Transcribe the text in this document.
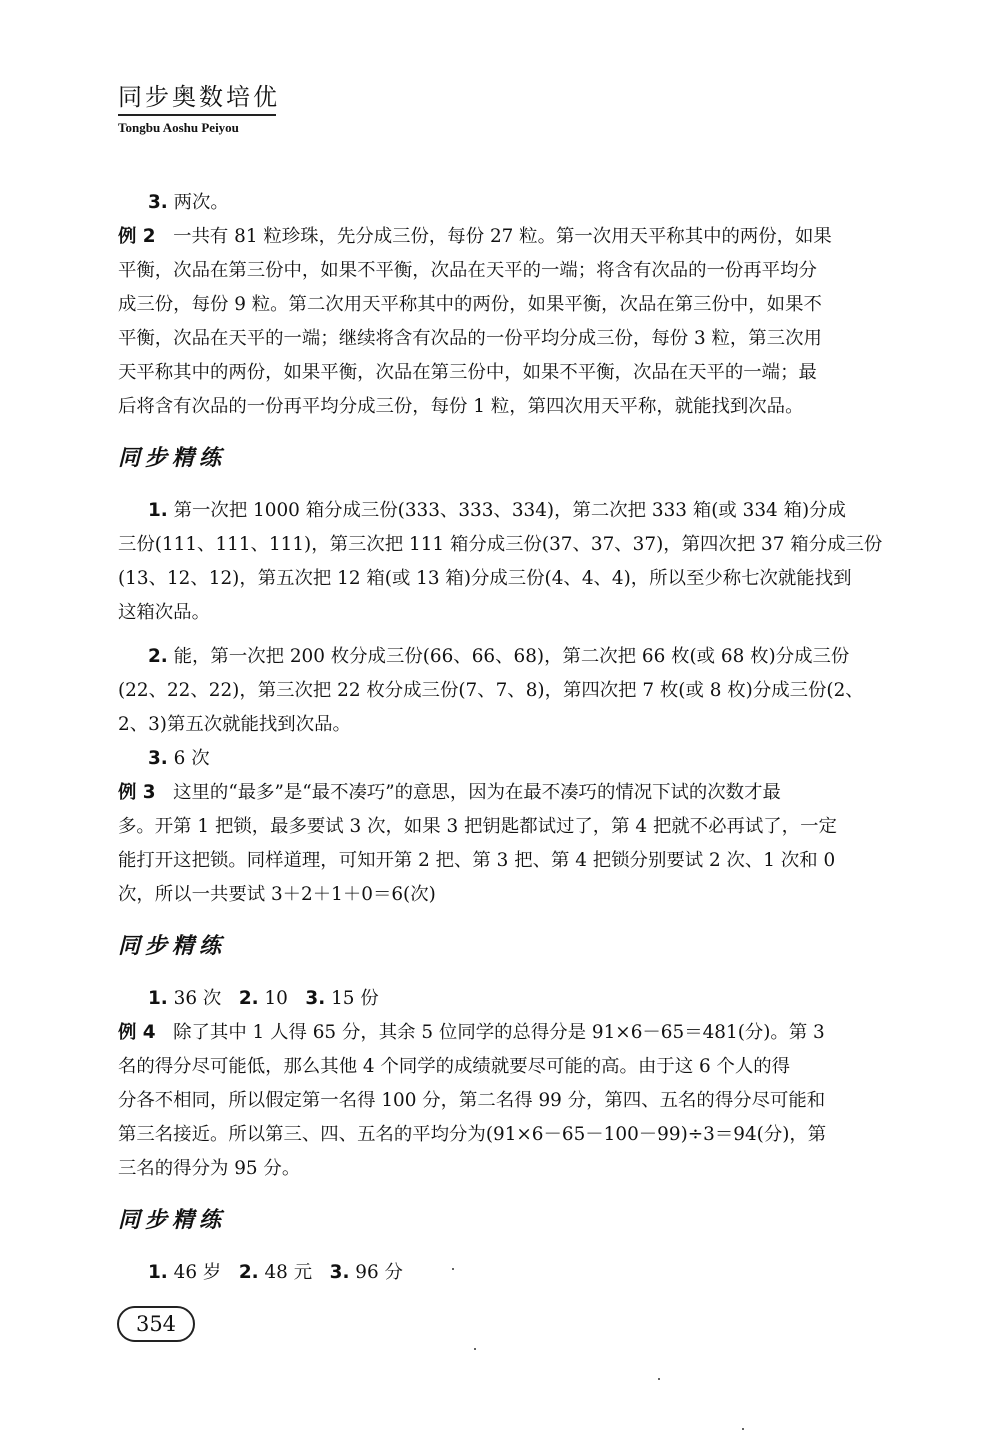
同步奥数培优
Tongbu Aoshu Peiyou

3. 两次。

例 2 一共有 81 粒珍珠，先分成三份，每份 27 粒。第一次用天平称其中的两份，如果

平衡，次品在第三份中，如果不平衡，次品在天平的一端；将含有次品的一份再平均分

成三份，每份 9 粒。第二次用天平称其中的两份，如果平衡，次品在第三份中，如果不

平衡，次品在天平的一端；继续将含有次品的一份平均分成三份，每份 3 粒，第三次用

天平称其中的两份，如果平衡，次品在第三份中，如果不平衡，次品在天平的一端；最

后将含有次品的一份再平均分成三份，每份 1 粒，第四次用天平称，就能找到次品。

同步精练

1. 第一次把 1000 箱分成三份(333、333、334)，第二次把 333 箱(或 334 箱)分成

三份(111、111、111)，第三次把 111 箱分成三份(37、37、37)，第四次把 37 箱分成三份

(13、12、12)，第五次把 12 箱(或 13 箱)分成三份(4、4、4)，所以至少称七次就能找到

这箱次品。

2. 能，第一次把 200 枚分成三份(66、66、68)，第二次把 66 枚(或 68 枚)分成三份

(22、22、22)，第三次把 22 枚分成三份(7、7、8)，第四次把 7 枚(或 8 枚)分成三份(2、

2、3)第五次就能找到次品。

3. 6 次

例 3 这里的“最多”是“最不凑巧”的意思，因为在最不凑巧的情况下试的次数才最

多。开第 1 把锁，最多要试 3 次，如果 3 把钥匙都试过了，第 4 把就不必再试了，一定

能打开这把锁。同样道理，可知开第 2 把、第 3 把、第 4 把锁分别要试 2 次、1 次和 0

次，所以一共要试 3＋2＋1＋0＝6(次)

同步精练

1. 36 次 2. 10 3. 15 份

例 4 除了其中 1 人得 65 分，其余 5 位同学的总得分是 91×6－65＝481(分)。第 3

名的得分尽可能低，那么其他 4 个同学的成绩就要尽可能的高。由于这 6 个人的得

分各不相同，所以假定第一名得 100 分，第二名得 99 分，第四、五名的得分尽可能和

第三名接近。所以第三、四、五名的平均分为(91×6－65－100－99)÷3＝94(分)，第

三名的得分为 95 分。

同步精练

1. 46 岁 2. 48 元 3. 96 分

354
